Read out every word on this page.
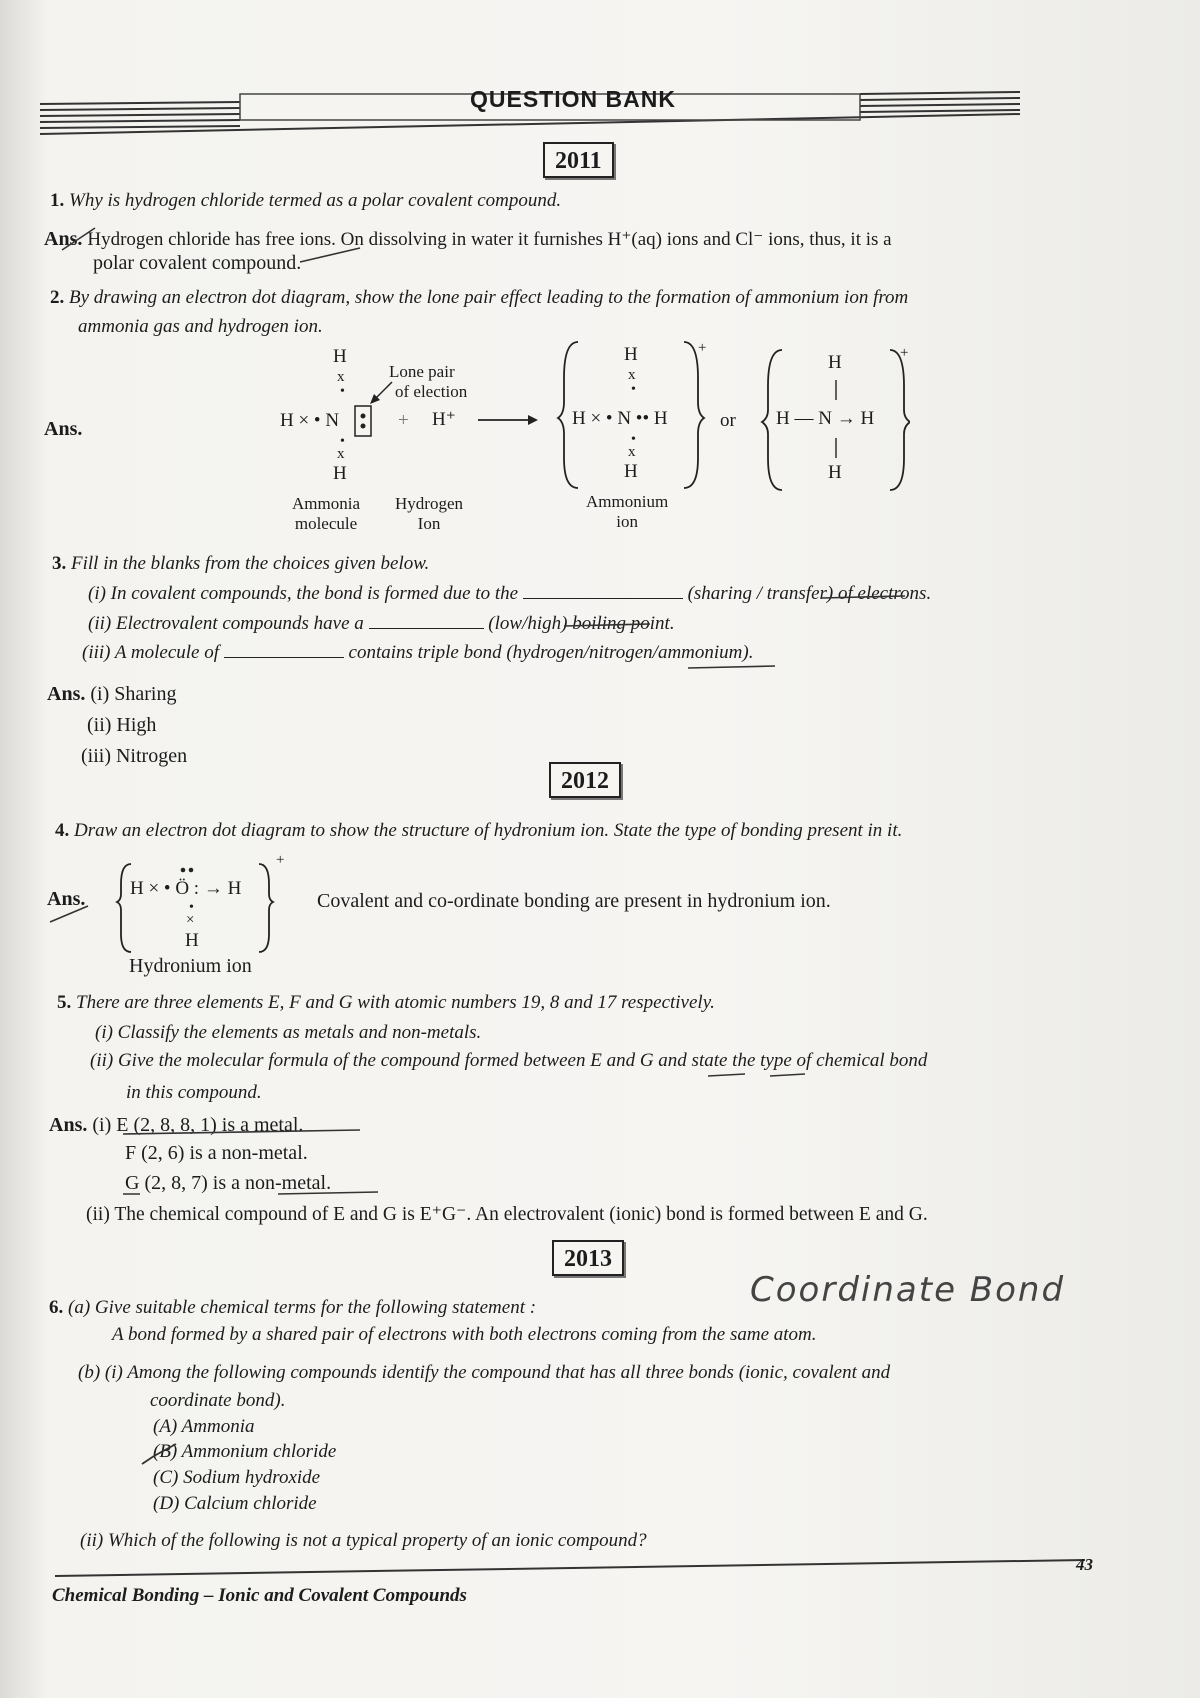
QUESTION BANK
2011
1. Why is hydrogen chloride termed as a polar covalent compound.
Ans. Hydrogen chloride has free ions. On dissolving in water it furnishes H⁺(aq) ions and Cl⁻ ions, thus, it is a
polar covalent compound.
2. By drawing an electron dot diagram, show the lone pair effect leading to the formation of ammonium ion from
ammonia gas and hydrogen ion.
Ans.
H
x
•
H × • N
•
x
H
Lone pair
of election
+ H⁺ →
+
H
x
•
H × • N •• H
•
x
H
or
+
H
H — N → H
H
Ammonia
molecule
Hydrogen
Ion
Ammonium
ion
3. Fill in the blanks from the choices given below.
(i) In covalent compounds, the bond is formed due to the	(sharing / transfer) of electrons.
(ii) Electrovalent compounds have a	(low/high) boiling point.
(iii) A molecule of	contains triple bond (hydrogen/nitrogen/ammonium).
Ans. (i) Sharing
(ii) High
(iii) Nitrogen
2012
4. Draw an electron dot diagram to show the structure of hydronium ion. State the type of bonding present in it.
Ans.
+
H × • Ö : → H
•
×
H
Hydronium ion
Covalent and co-ordinate bonding are present in hydronium ion.
5. There are three elements E, F and G with atomic numbers 19, 8 and 17 respectively.
(i) Classify the elements as metals and non-metals.
(ii) Give the molecular formula of the compound formed between E and G and state the type of chemical bond
in this compound.
Ans. (i) E (2, 8, 8, 1) is a metal.
F (2, 6) is a non-metal.
G (2, 8, 7) is a non-metal.
(ii) The chemical compound of E and G is E⁺G⁻. An electrovalent (ionic) bond is formed between E and G.
2013
6. (a) Give suitable chemical terms for the following statement :	Coordinate Bond
A bond formed by a shared pair of electrons with both electrons coming from the same atom.
(b) (i) Among the following compounds identify the compound that has all three bonds (ionic, covalent and
coordinate bond).
(A) Ammonia
(B) Ammonium chloride
(C) Sodium hydroxide
(D) Calcium chloride
(ii) Which of the following is not a typical property of an ionic compound?
43
Chemical Bonding – Ionic and Covalent Compounds
